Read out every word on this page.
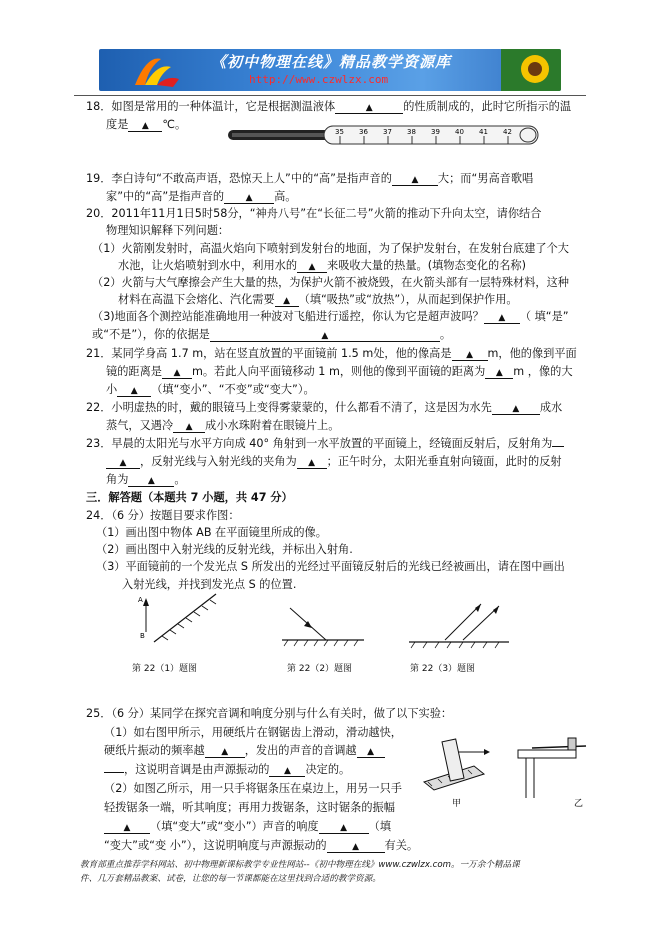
《初中物理在线》精品教学资源库
http://www.czwlzx.com
18．如图是常用的一种体温计，它是根据测温液体	▲	的性质制成的，此时它所指示的温
度是 ▲ ℃。
35 36 37 38 39 40 41 42
19．李白诗句“不敢高声语，恐惊天上人”中的“高”是指声音的 ▲ 大；而“男高音歌唱
家”中的“高”是指声音的 ▲ 高。
20．2011年11月1日5时58分，“神舟八号”在“长征二号”火箭的推动下升向太空，请你结合
物理知识解释下列问题：
（1）火箭刚发射时，高温火焰向下喷射到发射台的地面，为了保护发射台，在发射台底建了个大
水池，让火焰喷射到水中，利用水的 ▲ 来吸收大量的热量。(填物态变化的名称)
（2）火箭与大气摩擦会产生大量的热，为保护火箭不被烧毁，在火箭头部有一层特殊材料，这种
材料在高温下会熔化、汽化需要 ▲ （填“吸热”或“放热”），从而起到保护作用。
（3)地面各个测控站能准确地用一种波对飞船进行遥控，你认为它是超声波吗？ ▲ （ 填“是”
或“不是”），你的依据是	▲	。
21．某同学身高 1.7 m，站在竖直放置的平面镜前 1.5 m处，他的像高是 ▲ m，他的像到平面
镜的距离是 ▲ m。若此人向平面镜移动 1 m，则他的像到平面镜的距离为 ▲ m ，像的大
小 ▲ （填“变小”、“不变”或“变大”）。
22．小明虚热的时，戴的眼镜马上变得雾蒙蒙的，什么都看不清了，这是因为水先 ▲ 成水
蒸气，又遇冷 ▲ 成小水珠附着在眼镜片上。
23．早晨的太阳光与水平方向成 40° 角射到一水平放置的平面镜上，经镜面反射后，反射角为
▲ ，反射光线与入射光线的夹角为 ▲ ；正午时分，太阳光垂直射向镜面，此时的反射
角为 ▲ 。
三．解答题（本题共 7 小题，共 47 分）
24．（6 分）按题目要求作图：
（1）画出图中物体 AB 在平面镜里所成的像。
（2）画出图中入射光线的反射光线，并标出入射角.
（3）平面镜前的一个发光点 S 所发出的光经过平面镜反射后的光线已经被画出，请在图中画出
入射光线，并找到发光点 S 的位置.
A
B
第 22（1）题图	第 22（2）题图	第 22（3）题图
25．（6 分）某同学在探究音调和响度分别与什么有关时，做了以下实验：
（1）如右图甲所示，用硬纸片在钢锯齿上滑动，滑动越快，
硬纸片振动的频率越 ▲ ，发出的声音的音调越 ▲
，这说明音调是由声源振动的 ▲ 决定的。
（2）如图乙所示，用一只手将锯条压在桌边上，用另一只手
轻拨锯条一端，听其响度；再用力拨锯条，这时锯条的振幅
▲ （填“变大”或“变小”）声音的响度 ▲ （填
“变大”或“变 小”），这说明响度与声源振动的	▲ 有关。
甲	乙
教育部重点推荐学科网站、初中物理新课标教学专业性网站--《初中物理在线》www.czwlzx.com。一万余个精品课
件、几万套精品教案、试卷，让您的每一节课都能在这里找到合适的教学资源。
